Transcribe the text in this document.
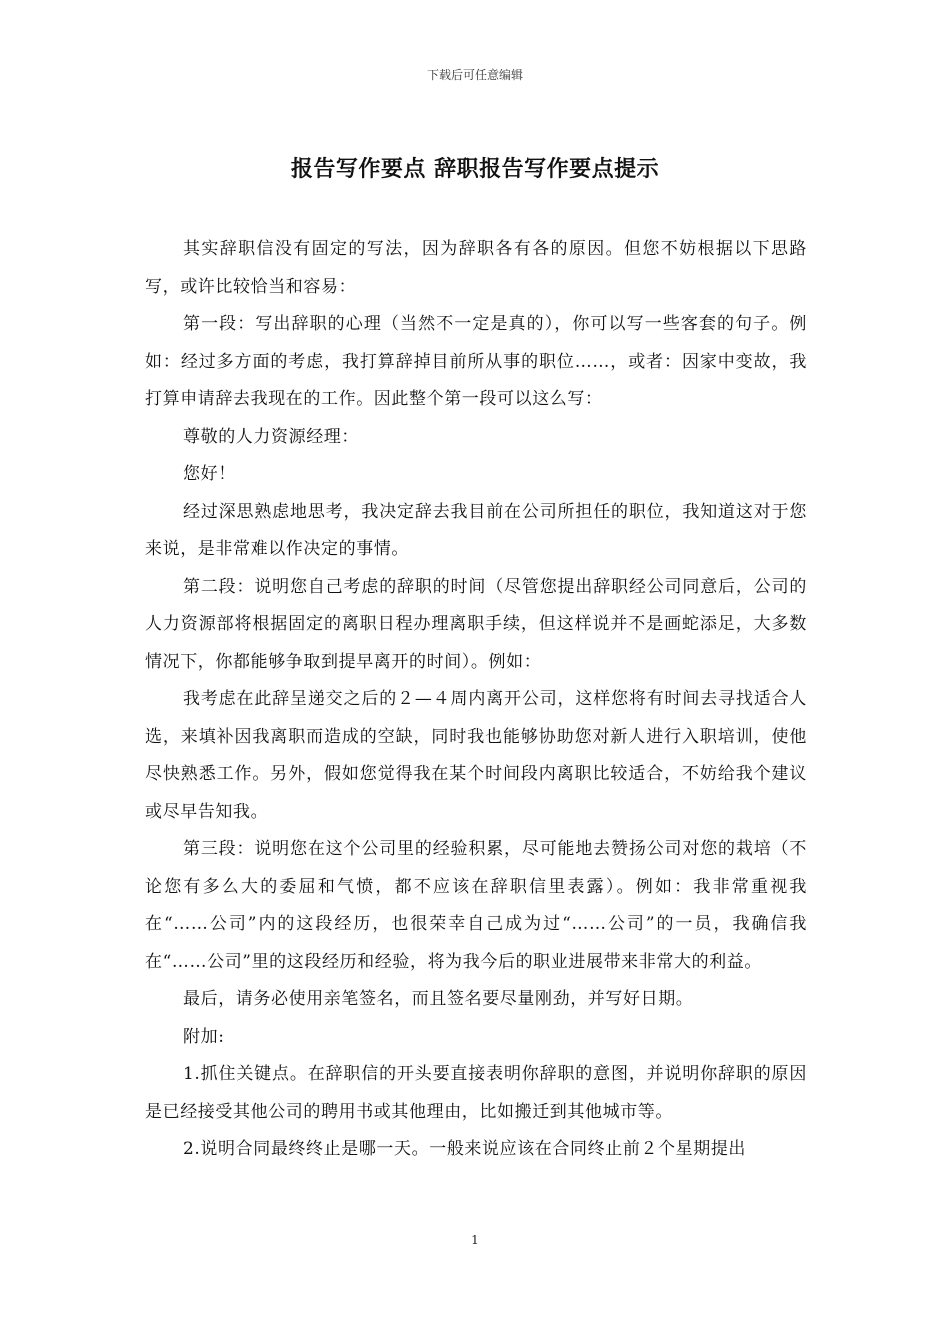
下载后可任意编辑
报告写作要点 辞职报告写作要点提示

其实辞职信没有固定的写法，因为辞职各有各的原因。但您不妨根据以下思路写，或许比较恰当和容易：

第一段：写出辞职的心理（当然不一定是真的），你可以写一些客套的句子。例如：经过多方面的考虑，我打算辞掉目前所从事的职位……，或者：因家中变故，我打算申请辞去我现在的工作。因此整个第一段可以这么写：

尊敬的人力资源经理：

您好！

经过深思熟虑地思考，我决定辞去我目前在公司所担任的职位，我知道这对于您来说，是非常难以作决定的事情。

第二段：说明您自己考虑的辞职的时间（尽管您提出辞职经公司同意后，公司的人力资源部将根据固定的离职日程办理离职手续，但这样说并不是画蛇添足，大多数情况下，你都能够争取到提早离开的时间）。例如：

我考虑在此辞呈递交之后的２—４周内离开公司，这样您将有时间去寻找适合人选，来填补因我离职而造成的空缺，同时我也能够协助您对新人进行入职培训，使他尽快熟悉工作。另外，假如您觉得我在某个时间段内离职比较适合，不妨给我个建议或尽早告知我。

第三段：说明您在这个公司里的经验积累，尽可能地去赞扬公司对您的栽培（不论您有多么大的委屈和气愤，都不应该在辞职信里表露）。例如：我非常重视我在“……公司”内的这段经历，也很荣幸自己成为过“……公司”的一员，我确信我在“……公司”里的这段经历和经验，将为我今后的职业进展带来非常大的利益。

最后，请务必使用亲笔签名，而且签名要尽量刚劲，并写好日期。

附加:

1.抓住关键点。在辞职信的开头要直接表明你辞职的意图，并说明你辞职的原因是已经接受其他公司的聘用书或其他理由，比如搬迁到其他城市等。

2.说明合同最终终止是哪一天。一般来说应该在合同终止前２个星期提出

1
